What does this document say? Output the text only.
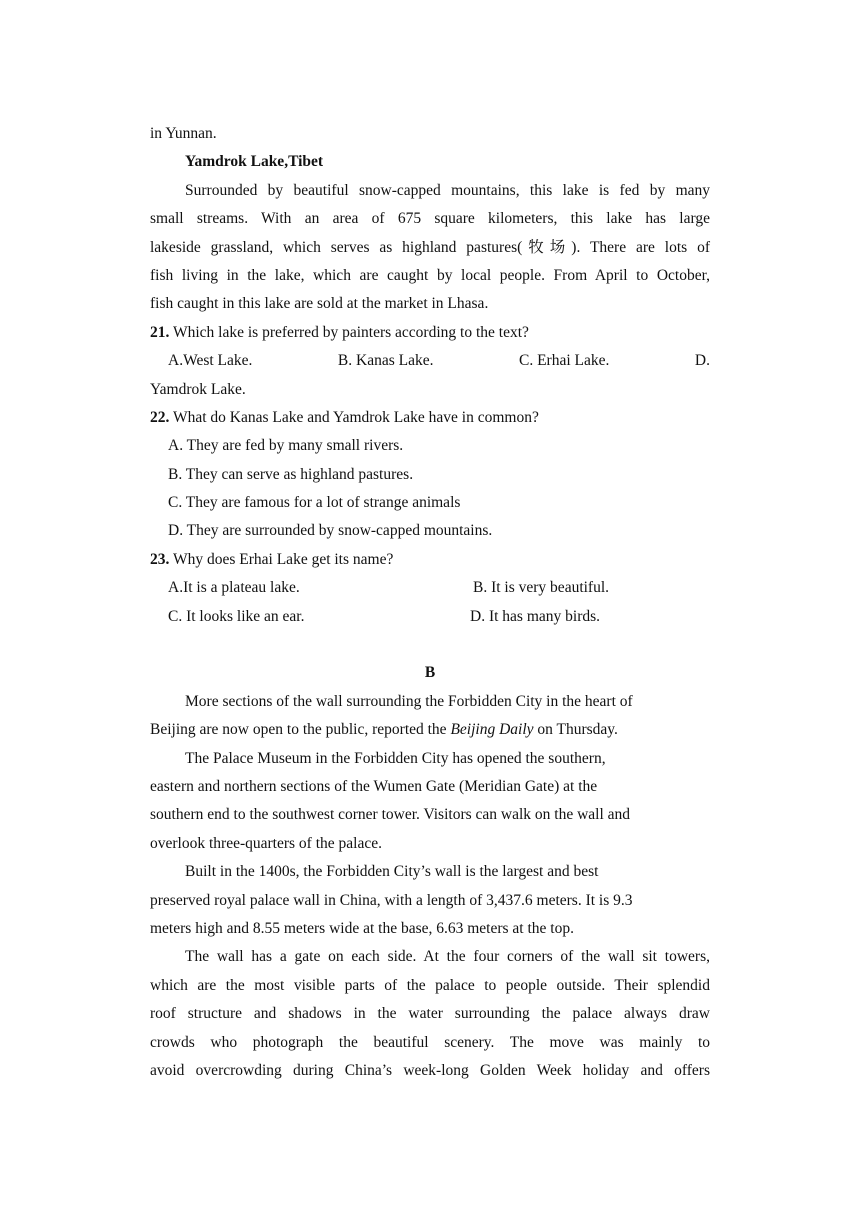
in Yunnan.
Yamdrok Lake,Tibet
Surrounded by beautiful snow-capped mountains, this lake is fed by many
small streams. With an area of 675 square kilometers, this lake has large
lakeside grassland, which serves as highland pastures(牧场). There are lots of
fish living in the lake, which are caught by local people. From April to October,
fish caught in this lake are sold at the market in Lhasa.
21. Which lake is preferred by painters according to the text?
A.West Lake.	B. Kanas Lake.	C. Erhai Lake.	D.
Yamdrok Lake.
22. What do Kanas Lake and Yamdrok Lake have in common?
A. They are fed by many small rivers.
B. They can serve as highland pastures.
C. They are famous for a lot of strange animals
D. They are surrounded by snow-capped mountains.
23. Why does Erhai Lake get its name?
A.It is a plateau lake.	B. It is very beautiful.
C. It looks like an ear.	D. It has many birds.
B
More sections of the wall surrounding the Forbidden City in the heart of
Beijing are now open to the public, reported the Beijing Daily on Thursday.
The Palace Museum in the Forbidden City has opened the southern,
eastern and northern sections of the Wumen Gate (Meridian Gate) at the
southern end to the southwest corner tower. Visitors can walk on the wall and
overlook three-quarters of the palace.
Built in the 1400s, the Forbidden City’s wall is the largest and best
preserved royal palace wall in China, with a length of 3,437.6 meters. It is 9.3
meters high and 8.55 meters wide at the base, 6.63 meters at the top.
The wall has a gate on each side. At the four corners of the wall sit towers,
which are the most visible parts of the palace to people outside. Their splendid
roof structure and shadows in the water surrounding the palace always draw
crowds who photograph the beautiful scenery. The move was mainly to
avoid overcrowding during China’s week-long Golden Week holiday and offers
